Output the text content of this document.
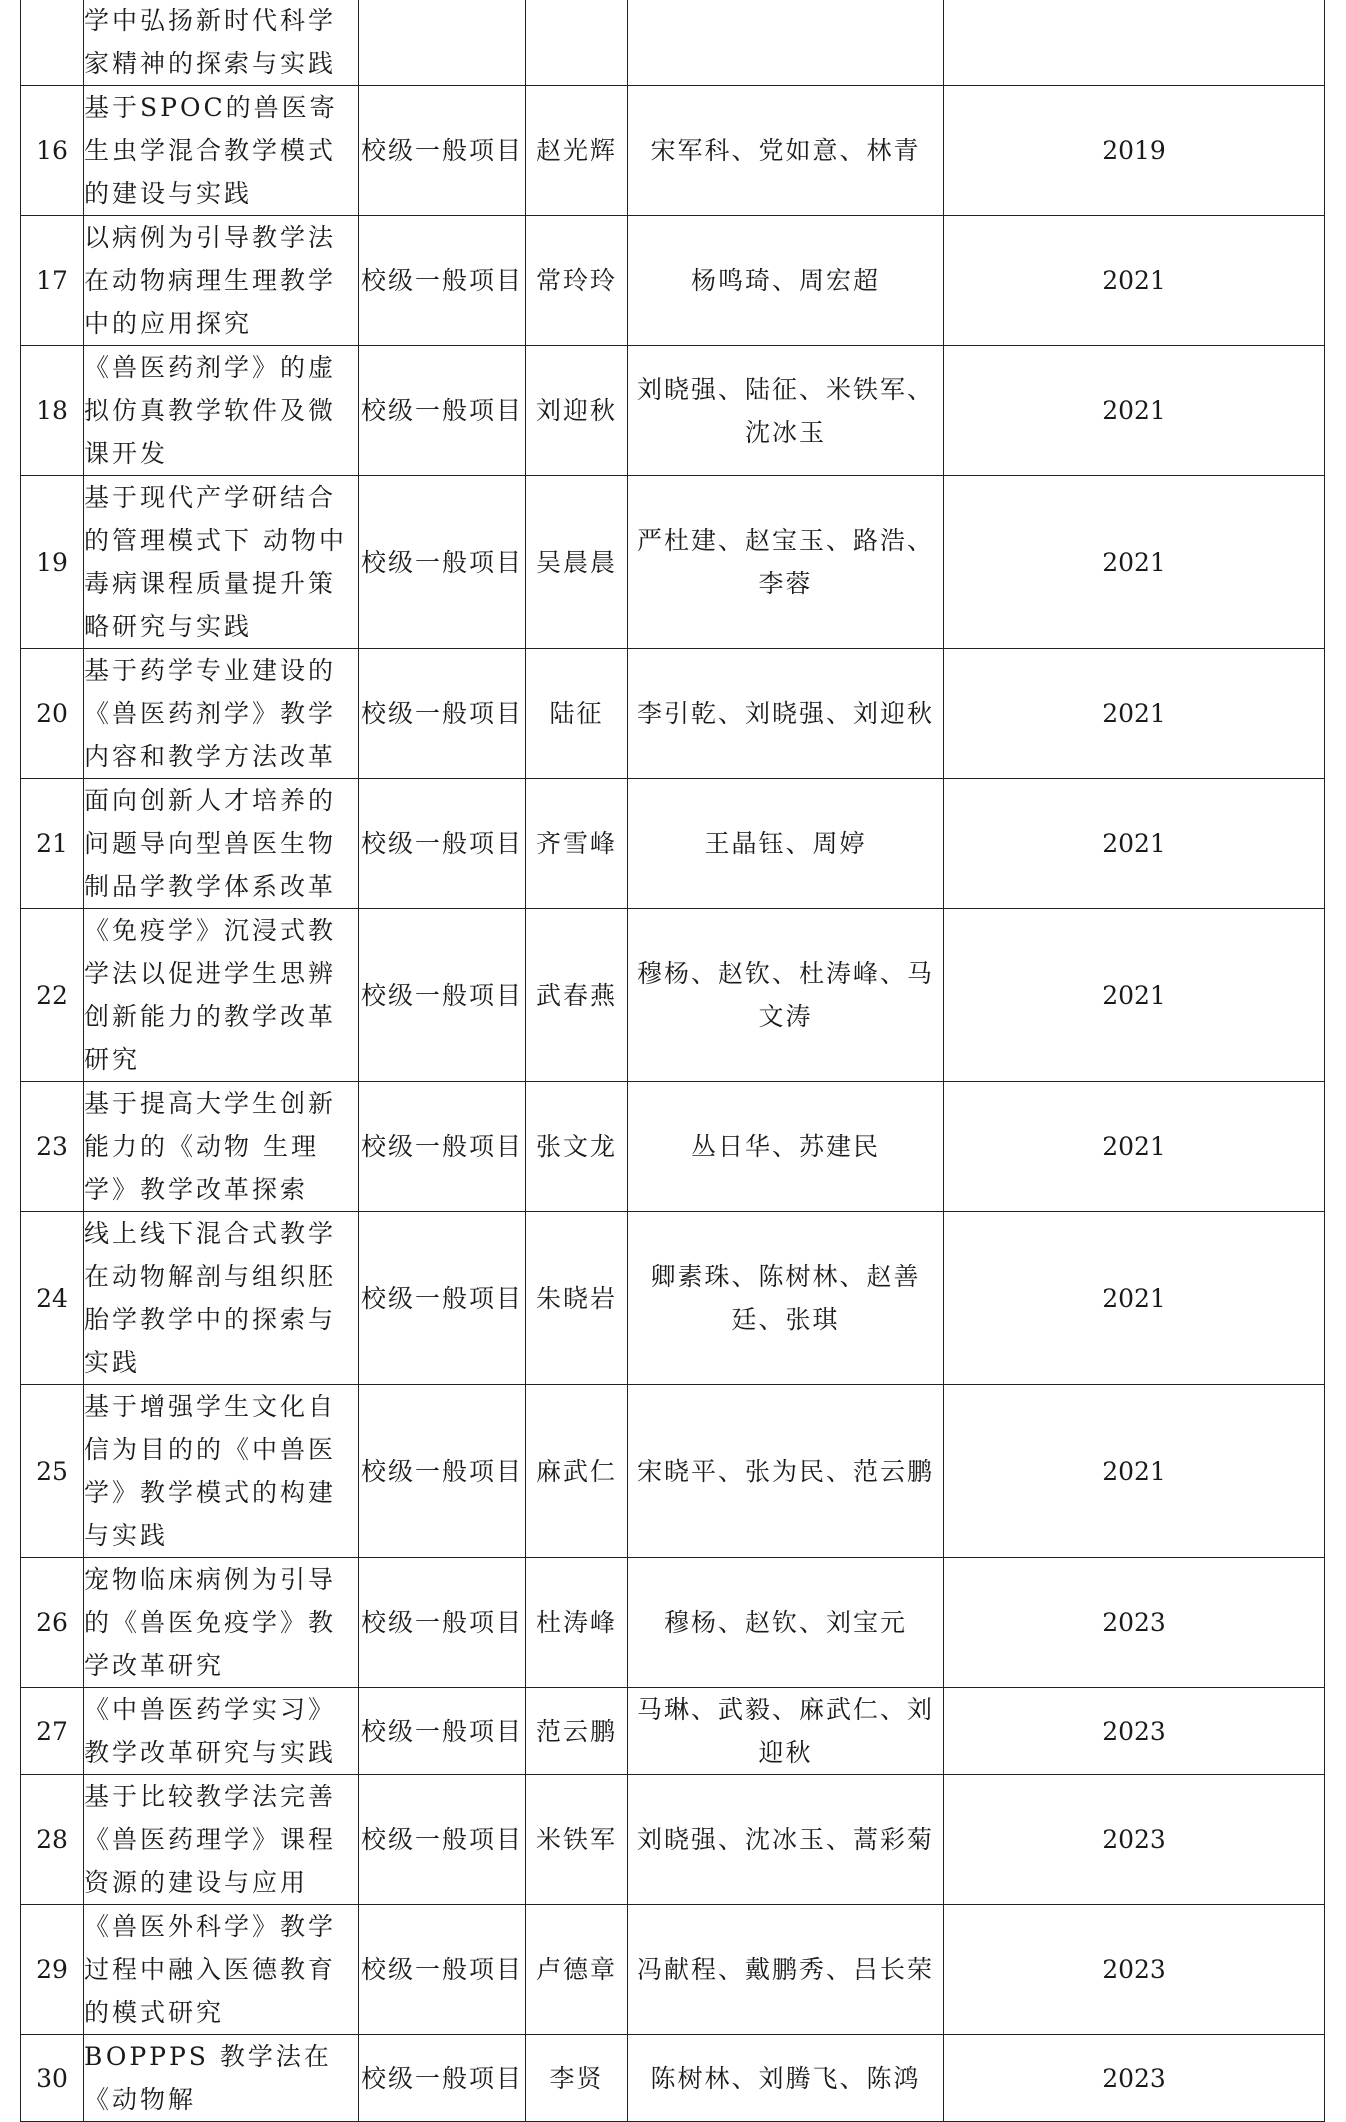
	学中弘扬新时代科学家精神的探索与实践				
16	基于SPOC的兽医寄生虫学混合教学模式的建设与实践	校级一般项目	赵光辉	宋军科、党如意、林青	2019
17	以病例为引导教学法在动物病理生理教学中的应用探究	校级一般项目	常玲玲	杨鸣琦、周宏超	2021
18	《兽医药剂学》的虚拟仿真教学软件及微课开发	校级一般项目	刘迎秋	刘晓强、陆征、米铁军、沈冰玉	2021
19	基于现代产学研结合的管理模式下 动物中毒病课程质量提升策略研究与实践	校级一般项目	吴晨晨	严杜建、赵宝玉、路浩、李蓉	2021
20	基于药学专业建设的《兽医药剂学》教学内容和教学方法改革	校级一般项目	陆征	李引乾、刘晓强、刘迎秋	2021
21	面向创新人才培养的问题导向型兽医生物制品学教学体系改革	校级一般项目	齐雪峰	王晶钰、周婷	2021
22	《免疫学》沉浸式教学法以促进学生思辨创新能力的教学改革研究	校级一般项目	武春燕	穆杨、赵钦、杜涛峰、马文涛	2021
23	基于提高大学生创新能力的《动物 生理学》教学改革探索	校级一般项目	张文龙	丛日华、苏建民	2021
24	线上线下混合式教学在动物解剖与组织胚胎学教学中的探索与实践	校级一般项目	朱晓岩	卿素珠、陈树林、赵善廷、张琪	2021
25	基于增强学生文化自信为目的的《中兽医学》教学模式的构建与实践	校级一般项目	麻武仁	宋晓平、张为民、范云鹏	2021
26	宠物临床病例为引导的《兽医免疫学》教学改革研究	校级一般项目	杜涛峰	穆杨、赵钦、刘宝元	2023
27	《中兽医药学实习》教学改革研究与实践	校级一般项目	范云鹏	马琳、武毅、麻武仁、刘迎秋	2023
28	基于比较教学法完善《兽医药理学》课程资源的建设与应用	校级一般项目	米铁军	刘晓强、沈冰玉、蒿彩菊	2023
29	《兽医外科学》教学过程中融入医德教育的模式研究	校级一般项目	卢德章	冯献程、戴鹏秀、吕长荣	2023
30	BOPPPS 教学法在《动物解	校级一般项目	李贤	陈树林、刘腾飞、陈鸿	2023
